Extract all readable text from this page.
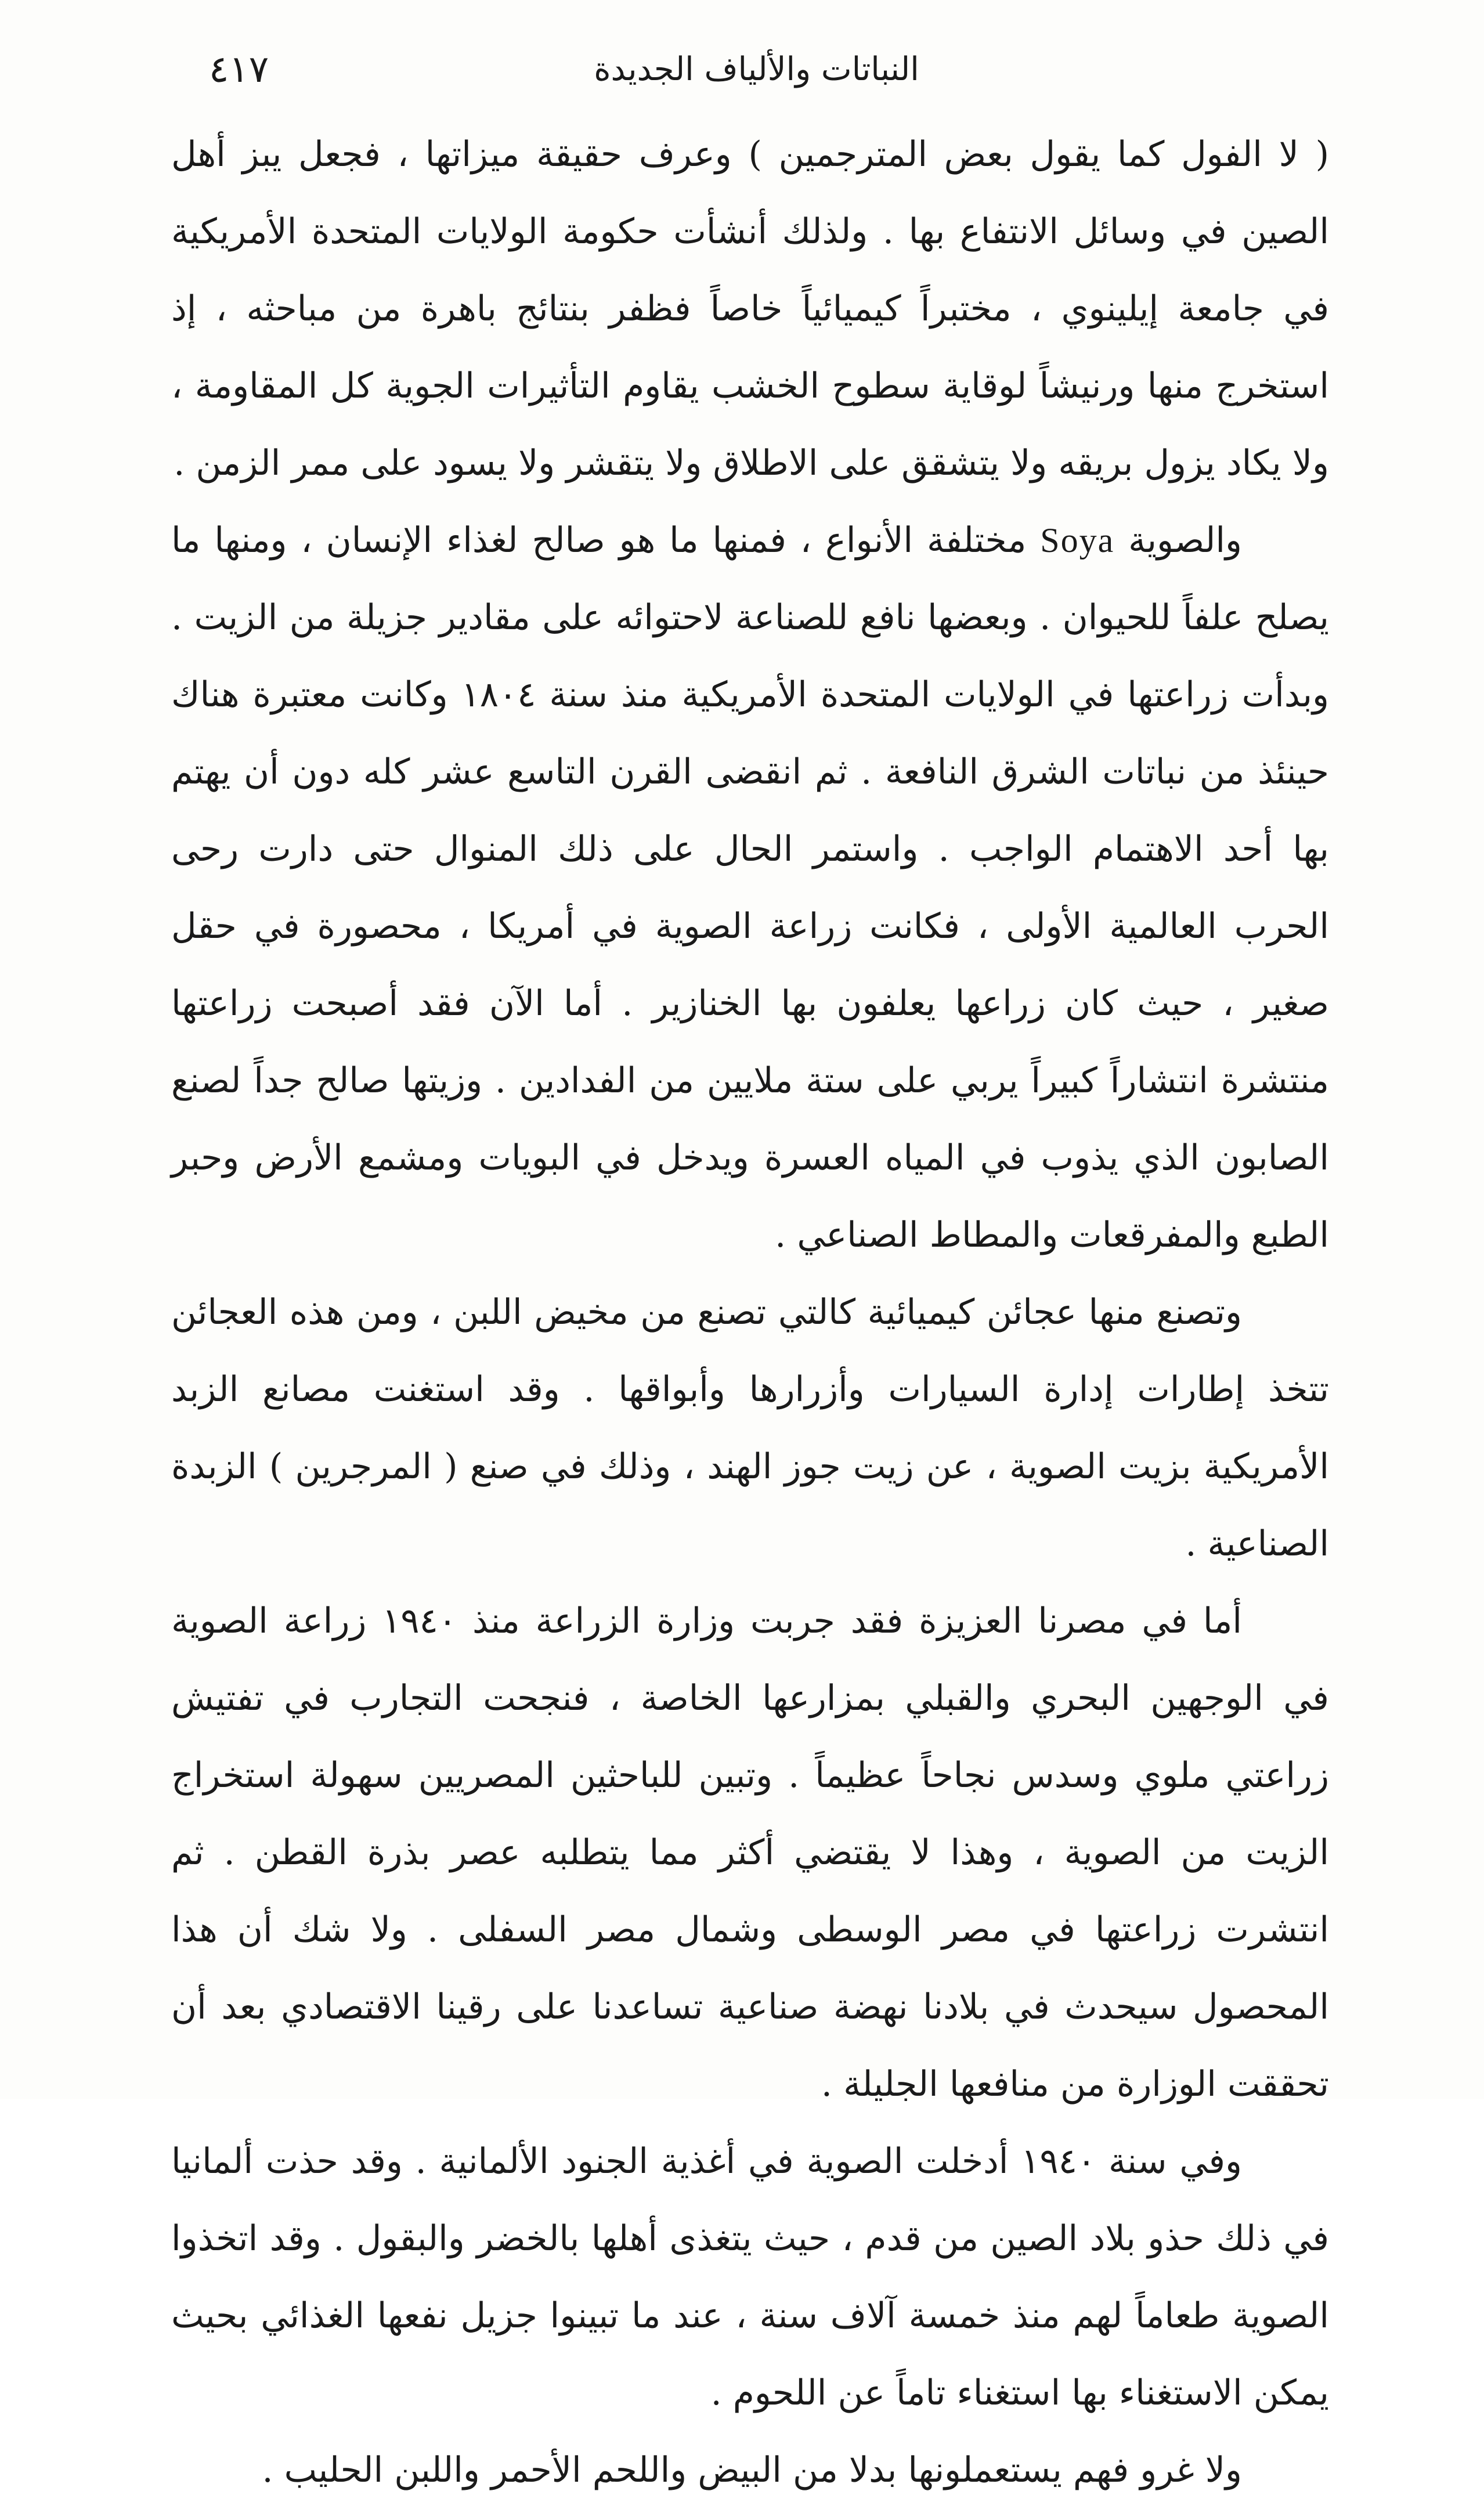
النباتات والألياف الجديدة
٤١٧

( لا الفول كما يقول بعض المترجمين ) وعرف حقيقة ميزاتها ، فجعل يبز أهل الصين في وسائل الانتفاع بها . ولذلك أنشأت حكومة الولايات المتحدة الأمريكية في جامعة إيلينوي ، مختبراً كيميائياً خاصاً فظفر بنتائج باهرة من مباحثه ، إذ استخرج منها ورنيشاً لوقاية سطوح الخشب يقاوم التأثيرات الجوية كل المقاومة ، ولا يكاد يزول بريقه ولا يتشقق على الاطلاق ولا يتقشر ولا يسود على ممر الزمن .

والصوية Soya مختلفة الأنواع ، فمنها ما هو صالح لغذاء الإنسان ، ومنها ما يصلح علفاً للحيوان . وبعضها نافع للصناعة لاحتوائه على مقادير جزيلة من الزيت . وبدأت زراعتها في الولايات المتحدة الأمريكية منذ سنة ١٨٠٤ وكانت معتبرة هناك حينئذ من نباتات الشرق النافعة . ثم انقضى القرن التاسع عشر كله دون أن يهتم بها أحد الاهتمام الواجب . واستمر الحال على ذلك المنوال حتى دارت رحى الحرب العالمية الأولى ، فكانت زراعة الصوية في أمريكا ، محصورة في حقل صغير ، حيث كان زراعها يعلفون بها الخنازير . أما الآن فقد أصبحت زراعتها منتشرة انتشاراً كبيراً يربي على ستة ملايين من الفدادين . وزيتها صالح جداً لصنع الصابون الذي يذوب في المياه العسرة ويدخل في البويات ومشمع الأرض وحبر الطبع والمفرقعات والمطاط الصناعي .

وتصنع منها عجائن كيميائية كالتي تصنع من مخيض اللبن ، ومن هذه العجائن تتخذ إطارات إدارة السيارات وأزرارها وأبواقها . وقد استغنت مصانع الزبد الأمريكية بزيت الصوية ، عن زيت جوز الهند ، وذلك في صنع ( المرجرين ) الزبدة الصناعية .

أما في مصرنا العزيزة فقد جربت وزارة الزراعة منذ ١٩٤٠ زراعة الصوية في الوجهين البحري والقبلي بمزارعها الخاصة ، فنجحت التجارب في تفتيش زراعتي ملوي وسدس نجاحاً عظيماً . وتبين للباحثين المصريين سهولة استخراج الزيت من الصوية ، وهذا لا يقتضي أكثر مما يتطلبه عصر بذرة القطن . ثم انتشرت زراعتها في مصر الوسطى وشمال مصر السفلى . ولا شك أن هذا المحصول سيحدث في بلادنا نهضة صناعية تساعدنا على رقينا الاقتصادي بعد أن تحققت الوزارة من منافعها الجليلة .

وفي سنة ١٩٤٠ أدخلت الصوية في أغذية الجنود الألمانية . وقد حذت ألمانيا في ذلك حذو بلاد الصين من قدم ، حيث يتغذى أهلها بالخضر والبقول . وقد اتخذوا الصوية طعاماً لهم منذ خمسة آلاف سنة ، عند ما تبينوا جزيل نفعها الغذائي بحيث يمكن الاستغناء بها استغناء تاماً عن اللحوم .

ولا غرو فهم يستعملونها بدلا من البيض واللحم الأحمر واللبن الحليب .
